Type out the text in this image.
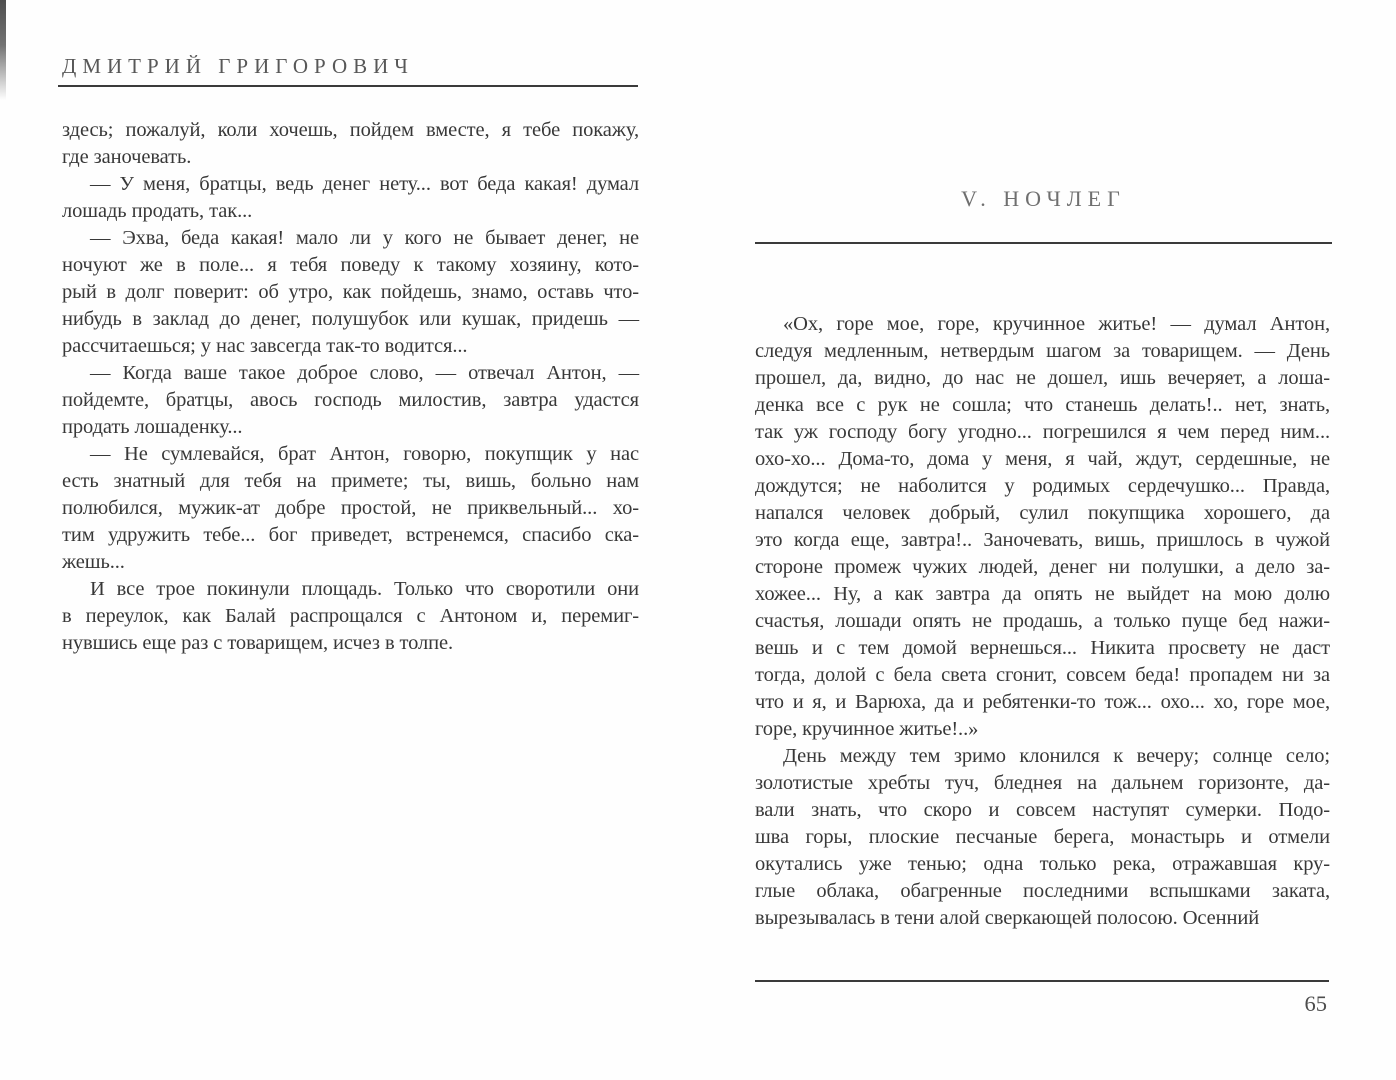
ДМИТРИЙ ГРИГОРОВИЧ
здесь; пожалуй, коли хочешь, пойдем вместе, я тебе покажу,
где заночевать.
— У меня, братцы, ведь денег нету... вот беда какая! думал
лошадь продать, так...
— Эхва, беда какая! мало ли у кого не бывает денег, не
ночуют же в поле... я тебя поведу к такому хозяину, кото-
рый в долг поверит: об утро, как пойдешь, знамо, оставь что-
нибудь в заклад до денег, полушубок или кушак, придешь —
рассчитаешься; у нас завсегда так-то водится...
— Когда ваше такое доброе слово, — отвечал Антон, —
пойдемте, братцы, авось господь милостив, завтра удастся
продать лошаденку...
— Не сумлевайся, брат Антон, говорю, покупщик у нас
есть знатный для тебя на примете; ты, вишь, больно нам
полюбился, мужик-ат добре простой, не приквельный... хо-
тим удружить тебе... бог приведет, встренемся, спасибо ска-
жешь...
И все трое покинули площадь. Только что своротили они
в переулок, как Балай распрощался с Антоном и, перемиг-
нувшись еще раз с товарищем, исчез в толпе.
V. НОЧЛЕГ
«Ох, горе мое, горе, кручинное житье! — думал Антон,
следуя медленным, нетвердым шагом за товарищем. — День
прошел, да, видно, до нас не дошел, ишь вечеряет, а лоша-
денка все с рук не сошла; что станешь делать!.. нет, знать,
так уж господу богу угодно... погрешился я чем перед ним...
охо-хо... Дома-то, дома у меня, я чай, ждут, сердешные, не
дождутся; не наболится у родимых сердечушко... Правда,
напался человек добрый, сулил покупщика хорошего, да
это когда еще, завтра!.. Заночевать, вишь, пришлось в чужой
стороне промеж чужих людей, денег ни полушки, а дело за-
хожее... Ну, а как завтра да опять не выйдет на мою долю
счастья, лошади опять не продашь, а только пуще бед нажи-
вешь и с тем домой вернешься... Никита просвету не даст
тогда, долой с бела света сгонит, совсем беда! пропадем ни за
что и я, и Варюха, да и ребятенки-то тож... охо... хо, горе мое,
горе, кручинное житье!..»
День между тем зримо клонился к вечеру; солнце село;
золотистые хребты туч, бледнея на дальнем горизонте, да-
вали знать, что скоро и совсем наступят сумерки. Подо-
шва горы, плоские песчаные берега, монастырь и отмели
окутались уже тенью; одна только река, отражавшая кру-
глые облака, обагренные последними вспышками заката,
вырезывалась в тени алой сверкающей полосою. Осенний
65
